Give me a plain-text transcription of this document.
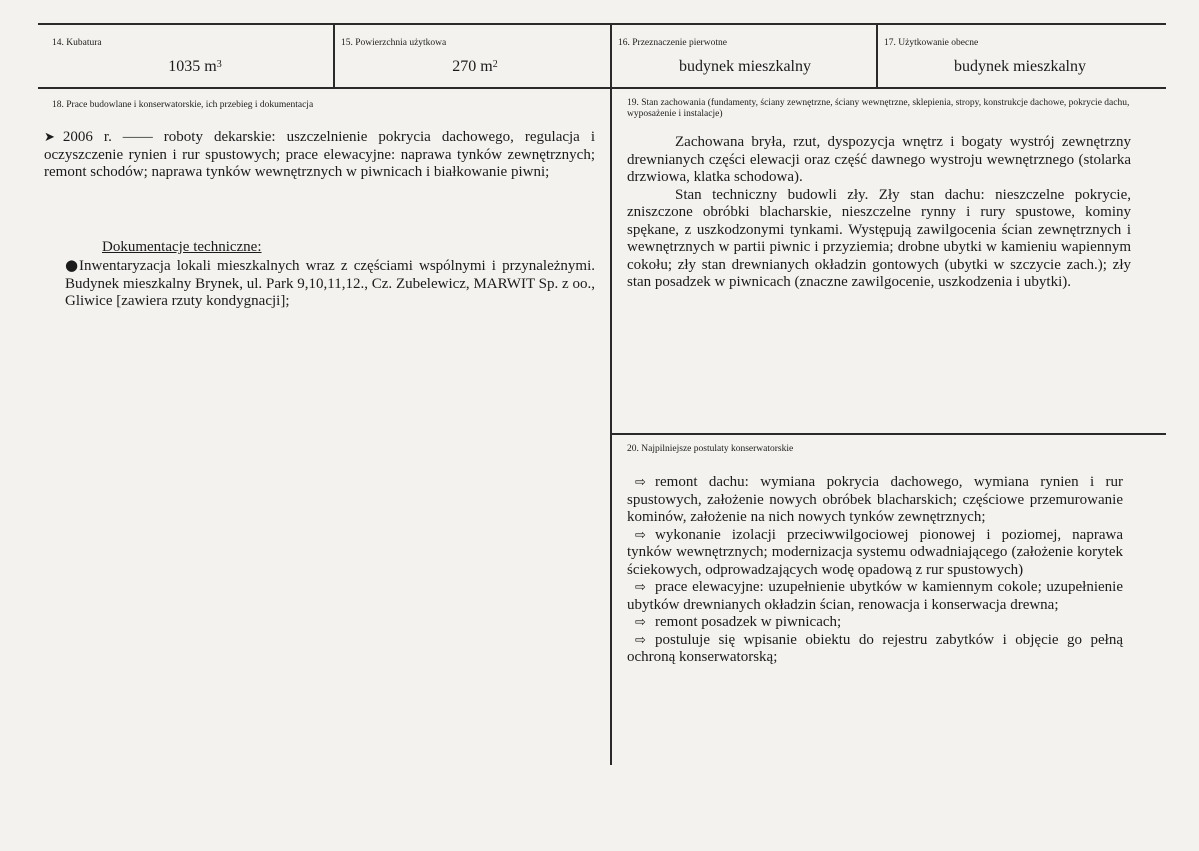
14. Kubatura
1035 $m^3$
15. Powierzchnia użytkowa
270 $m^2$
16. Przeznaczenie pierwotne
budynek mieszkalny
17. Użytkowanie obecne
budynek mieszkalny
18. Prace budowlane i konserwatorskie, ich przebieg i dokumentacja

➤ 2006 r. —— roboty dekarskie: uszczelnienie pokrycia dachowego, regulacja i oczyszczenie rynien i rur spustowych; prace elewacyjne: naprawa tynków zewnętrznych; remont schodów; naprawa tynków wewnętrznych w piwnicach i białkowanie piwni;

Dokumentacje techniczne:

●Inwentaryzacja lokali mieszkalnych wraz z częściami wspólnymi i przynależnymi. Budynek mieszkalny Brynek, ul. Park 9,10,11,12., Cz. Zubelewicz, MARWIT Sp. z oo., Gliwice [zawiera rzuty kondygnacji];

19. Stan zachowania (fundamenty, ściany zewnętrzne, ściany wewnętrzne, sklepienia, stropy, konstrukcje dachowe, pokrycie dachu, wyposażenie i instalacje)

Zachowana bryła, rzut, dyspozycja wnętrz i bogaty wystrój zewnętrzny drewnianych części elewacji oraz część dawnego wystroju wewnętrznego (stolarka drzwiowa, klatka schodowa).

Stan techniczny budowli zły. Zły stan dachu: nieszczelne pokrycie, zniszczone obróbki blacharskie, nieszczelne rynny i rury spustowe, kominy spękane, z uszkodzonymi tynkami. Występują zawilgocenia ścian zewnętrznych i wewnętrznych w partii piwnic i przyziemia; drobne ubytki w kamieniu wapiennym cokołu; zły stan drewnianych okładzin gontowych (ubytki w szczycie zach.); zły stan posadzek w piwnicach (znaczne zawilgocenie, uszkodzenia i ubytki).

20. Najpilniejsze postulaty konserwatorskie

⇨ remont dachu: wymiana pokrycia dachowego, wymiana rynien i rur spustowych, założenie nowych obróbek blacharskich; częściowe przemurowanie kominów, założenie na nich nowych tynków zewnętrznych;

⇨ wykonanie izolacji przeciwwilgociowej pionowej i poziomej, naprawa tynków wewnętrznych; modernizacja systemu odwadniającego (założenie korytek ściekowych, odprowadzających wodę opadową z rur spustowych)

⇨ prace elewacyjne: uzupełnienie ubytków w kamiennym cokole; uzupełnienie ubytków drewnianych okładzin ścian, renowacja i konserwacja drewna;

⇨ remont posadzek w piwnicach;

⇨ postuluje się wpisanie obiektu do rejestru zabytków i objęcie go pełną ochroną konserwatorską;
